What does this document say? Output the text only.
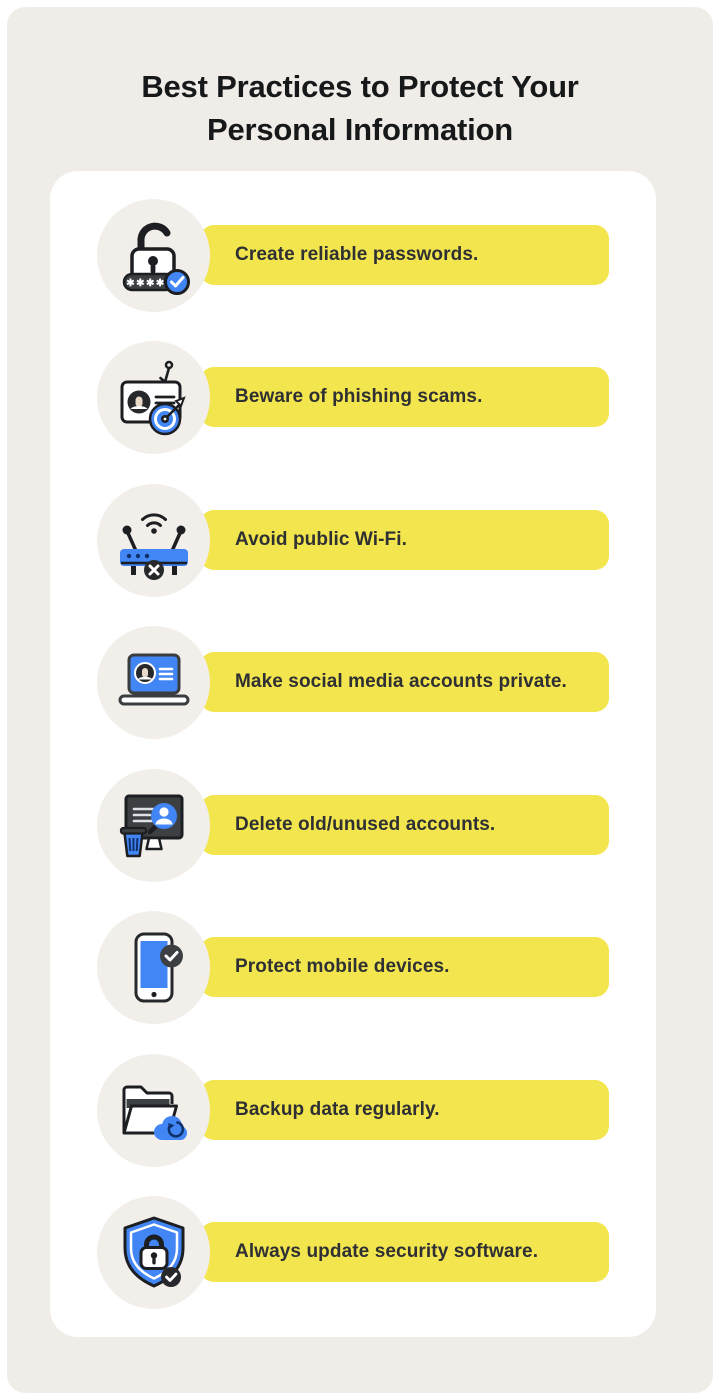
Best Practices to Protect Your Personal Information
Create reliable passwords.
✱✱✱✱
Beware of phishing scams.
Avoid public Wi-Fi.
Make social media accounts private.
Delete old/unused accounts.
Protect mobile devices.
Backup data regularly.
Always update security software.
